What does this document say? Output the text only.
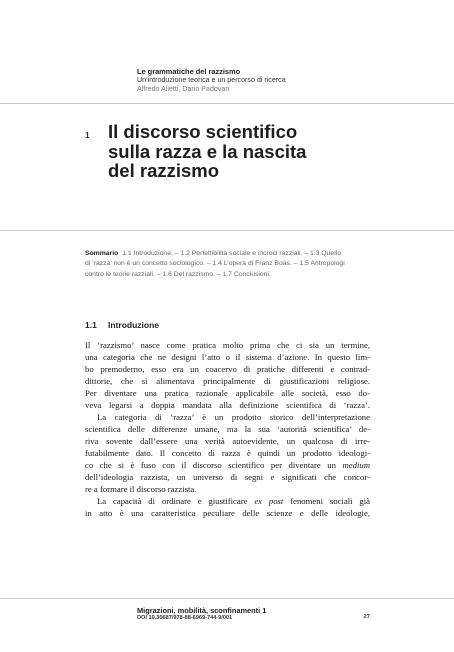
Le grammatiche del razzismo
Un’introduzione teorica e un percorso di ricerca
Alfredo Alietti, Dario Padovan
1 Il discorso scientifico
sulla razza e la nascita
del razzismo
Sommario 1.1 Introduzione. – 1.2 Perfettibilità sociale e incroci razziali. – 1.3 Quello
di ‘razza’ non è un concetto sociologico. – 1.4 L’opera di Franz Boas. – 1.5 Antropologi
contro le teorie razziali. – 1.6 Del razzismo. – 1.7 Conclusioni.
1.1 Introduzione
Il ‘razzismo’ nasce come pratica molto prima che ci sia un termine,
una categoria che ne designi l’atto o il sistema d’azione. In questo lim-
bo premoderno, esso era un coacervo di pratiche differenti e contrad-
dittorie, che si alimentava principalmente di giustificazioni religiose.
Per diventare una pratica razionale applicabile alle società, esso do-
veva legarsi a doppia mandata alla definizione scientifica di ‘razza’.
La categoria di ‘razza’ è un prodotto storico dell’interpretazione
scientifica delle differenze umane, ma la sua ‘autorità scientifica’ de-
riva sovente dall’essere una verità autoevidente, un qualcosa di irre-
futabilmente dato. Il concetto di razza è quindi un prodotto ideologi-
co che si è fuso con il discorso scientifico per diventare un medium
dell’ideologia razzista, un universo di segni e significati che concor-
re a formare il discorso razzista.
La capacità di ordinare e giustificare ex post fenomeni sociali già
in atto è una caratteristica peculiare delle scienze e delle ideologie,
Migrazioni, mobilità, sconfinamenti 1
DOI 10.30687/978-88-6969-744-9/001	27
